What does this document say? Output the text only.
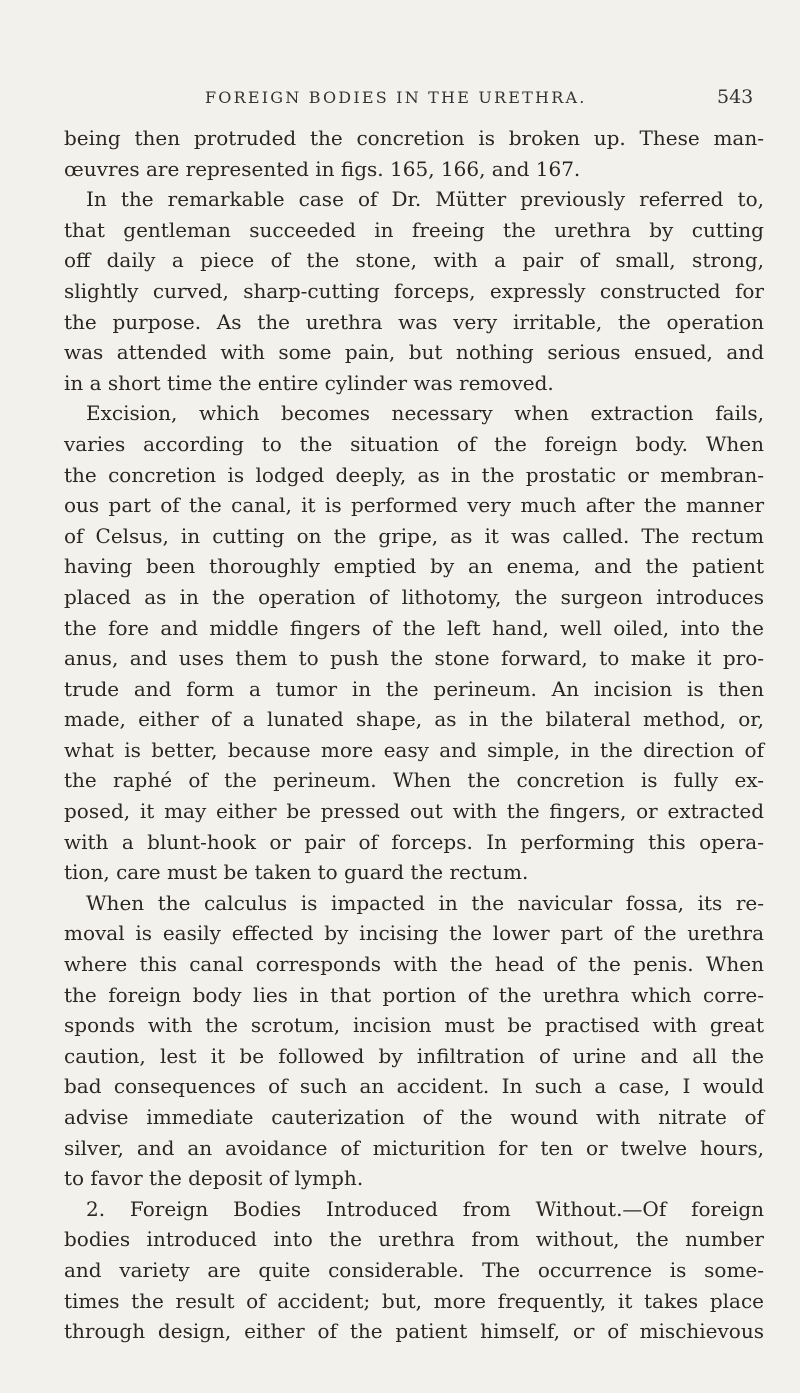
FOREIGN BODIES IN THE URETHRA.	543
being then protruded the concretion is broken up. These man-
œuvres are represented in figs. 165, 166, and 167.
In the remarkable case of Dr. Mütter previously referred to,
that gentleman succeeded in freeing the urethra by cutting
off daily a piece of the stone, with a pair of small, strong,
slightly curved, sharp-cutting forceps, expressly constructed for
the purpose. As the urethra was very irritable, the operation
was attended with some pain, but nothing serious ensued, and
in a short time the entire cylinder was removed.
Excision, which becomes necessary when extraction fails,
varies according to the situation of the foreign body. When
the concretion is lodged deeply, as in the prostatic or membran-
ous part of the canal, it is performed very much after the manner
of Celsus, in cutting on the gripe, as it was called. The rectum
having been thoroughly emptied by an enema, and the patient
placed as in the operation of lithotomy, the surgeon introduces
the fore and middle fingers of the left hand, well oiled, into the
anus, and uses them to push the stone forward, to make it pro-
trude and form a tumor in the perineum. An incision is then
made, either of a lunated shape, as in the bilateral method, or,
what is better, because more easy and simple, in the direction of
the raphé of the perineum. When the concretion is fully ex-
posed, it may either be pressed out with the fingers, or extracted
with a blunt-hook or pair of forceps. In performing this opera-
tion, care must be taken to guard the rectum.
When the calculus is impacted in the navicular fossa, its re-
moval is easily effected by incising the lower part of the urethra
where this canal corresponds with the head of the penis. When
the foreign body lies in that portion of the urethra which corre-
sponds with the scrotum, incision must be practised with great
caution, lest it be followed by infiltration of urine and all the
bad consequences of such an accident. In such a case, I would
advise immediate cauterization of the wound with nitrate of
silver, and an avoidance of micturition for ten or twelve hours,
to favor the deposit of lymph.
2. Foreign Bodies Introduced from Without.—Of foreign
bodies introduced into the urethra from without, the number
and variety are quite considerable. The occurrence is some-
times the result of accident; but, more frequently, it takes place
through design, either of the patient himself, or of mischievous
